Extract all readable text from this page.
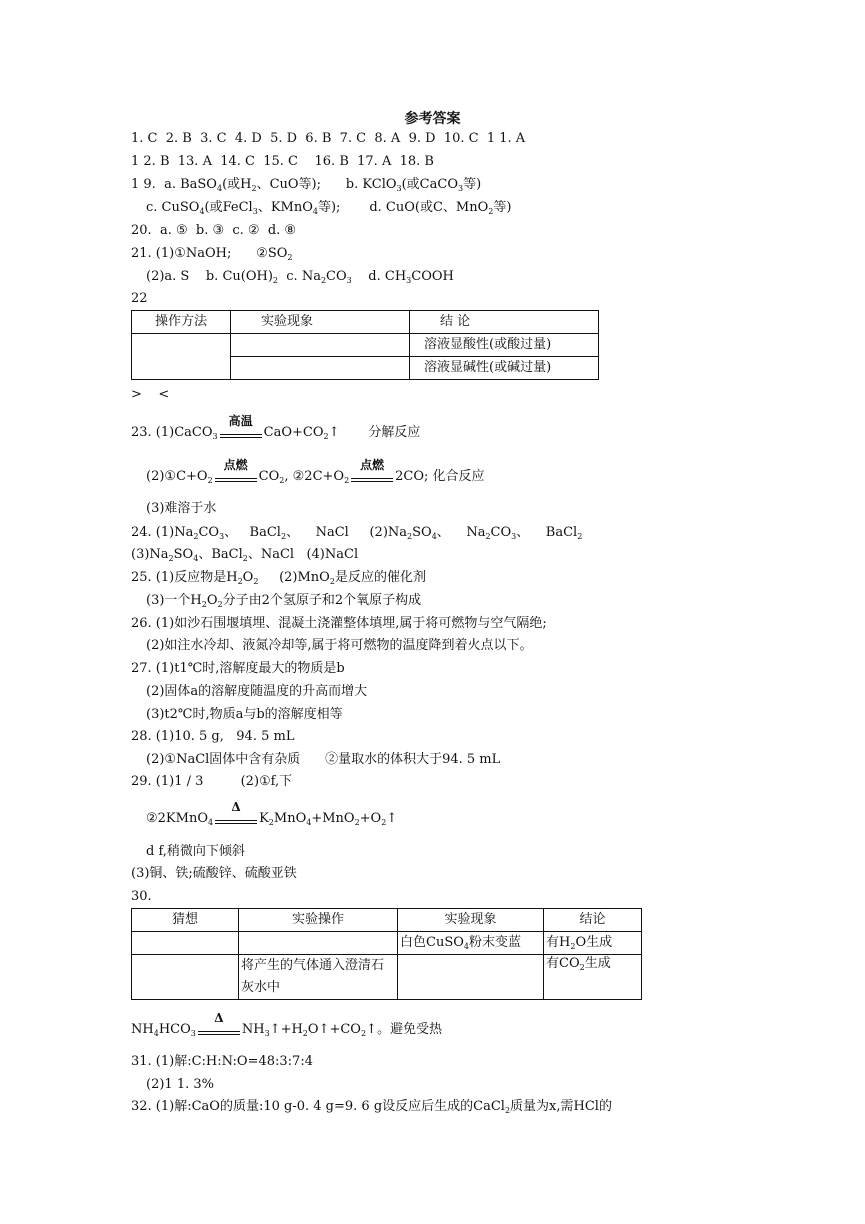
参考答案
1. C  2. B  3. C  4. D  5. D  6. B  7. C  8. A  9. D  10. C  1 1. A
1 2. B  13. A  14. C  15. C    16. B  17. A  18. B
1 9.  a. BaSO$_4$(或$H_2$、CuO等);      b. KClO$_3$(或CaCO$_3$等)
c. CuSO$_4$(或FeCl$_3$、KMnO$_4$等);       d. CuO(或C、MnO$_2$等)
20.  a. ⑤  b. ③  c. ②  d. ⑧
21. (1)①NaOH;      $②SO_2$
(2)a. S    b. $Cu(OH)_2$  c. $Na_2CO_3$    d. $CH_3COOH$
22
操作方法	实验现象	结 论
		溶液显酸性(或酸过量)
		溶液显碱性(或碱过量)
>    <
23. (1)CaCO$_3$
高温
$CaO+CO_2↑$       分解反应
$(2)①C+O_2$
点燃
$CO_2$, $②2C+O_2$
点燃
2CO; 化合反应
(3)难溶于水
24. $(1)Na_2CO_3$、   BaCl$_2$、    NaCl     $(2)Na_2SO_4$、    $Na_2CO_3$、    BaCl$_2$
$(3)Na_2SO_4$、BaCl$_2$、NaCl   (4)NaCl
25. (1)反应物是$H_2O_2$     (2)MnO$_2$是反应的催化剂
(3)一个$H_2O_2$分子由2个氢原子和2个氧原子构成
26. (1)如沙石围堰填埋、混凝土浇灌整体填埋,属于将可燃物与空气隔绝;
(2)如注水冷却、液氮冷却等,属于将可燃物的温度降到着火点以下。
27. (1)t1℃时,溶解度最大的物质是b
(2)固体a的溶解度随温度的升高而增大
(3)t2℃时,物质a与b的溶解度相等
28. (1)10. 5 g,   94. 5 mL
(2)①NaCl固体中含有杂质      ②量取水的体积大于94. 5 mL
29. (1)1 / 3         (2)①f,下
②2KMnO$_4$
Δ
$K_2MnO_4+MnO_2+O_2↑$
d f,稍微向下倾斜
(3)铜、铁;硫酸锌、硫酸亚铁
30.
猜想	实验操作	实验现象	结论
		白色CuSO$_4$粉末变蓝	有$H_2O$生成
	将产生的气体通入澄清石灰水中		有$CO_2$生成
$NH_4HCO_3$
Δ
$NH_3↑+H_2O↑+CO_2↑$。避免受热
31. (1)解:C:H:N:O=48:3:7:4
(2)1 1. 3%
32. (1)解:CaO的质量:10 g-0. 4 g=9. 6 g设反应后生成的CaCl$_2$质量为x,需HCl的
